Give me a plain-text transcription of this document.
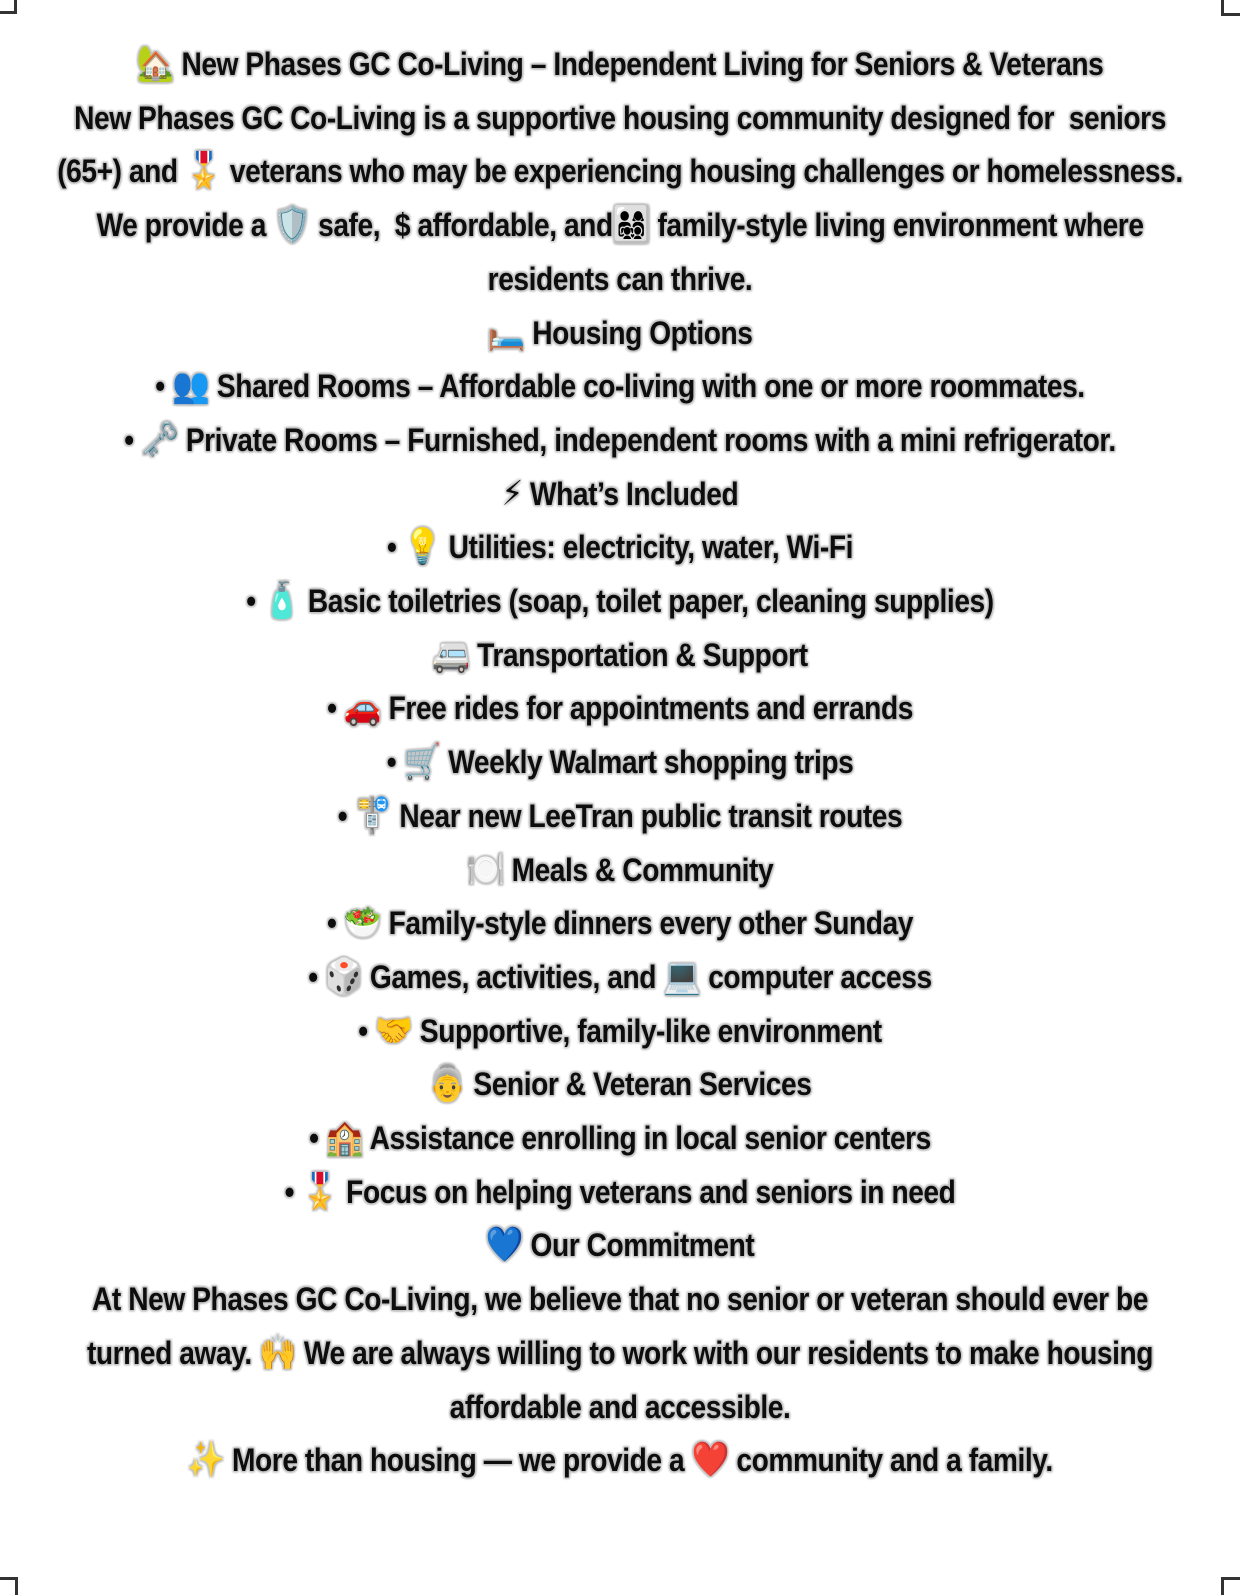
🏡 New Phases GC Co-Living – Independent Living for Seniors & Veterans
New Phases GC Co-Living is a supportive housing community designed for  seniors
(65+) and 🎖️ veterans who may be experiencing housing challenges or homelessness.
We provide a 🛡️ safe,  $ affordable, and👨‍👩‍👧‍👦 family-style living environment where
residents can thrive.
🛏️ Housing Options
• 👥 Shared Rooms – Affordable co-living with one or more roommates.
• 🗝️ Private Rooms – Furnished, independent rooms with a mini refrigerator.
⚡ What’s Included
• 💡 Utilities: electricity, water, Wi-Fi
• 🧴 Basic toiletries (soap, toilet paper, cleaning supplies)
🚐 Transportation & Support
• 🚗 Free rides for appointments and errands
• 🛒 Weekly Walmart shopping trips
• 🚏 Near new LeeTran public transit routes
🍽️ Meals & Community
• 🥗 Family-style dinners every other Sunday
• 🎲 Games, activities, and 💻 computer access
• 🤝 Supportive, family-like environment
👵 Senior & Veteran Services
• 🏫 Assistance enrolling in local senior centers
• 🎖️ Focus on helping veterans and seniors in need
💙 Our Commitment
At New Phases GC Co-Living, we believe that no senior or veteran should ever be
turned away. 🙌 We are always willing to work with our residents to make housing
affordable and accessible.
✨ More than housing — we provide a ❤️ community and a family.
